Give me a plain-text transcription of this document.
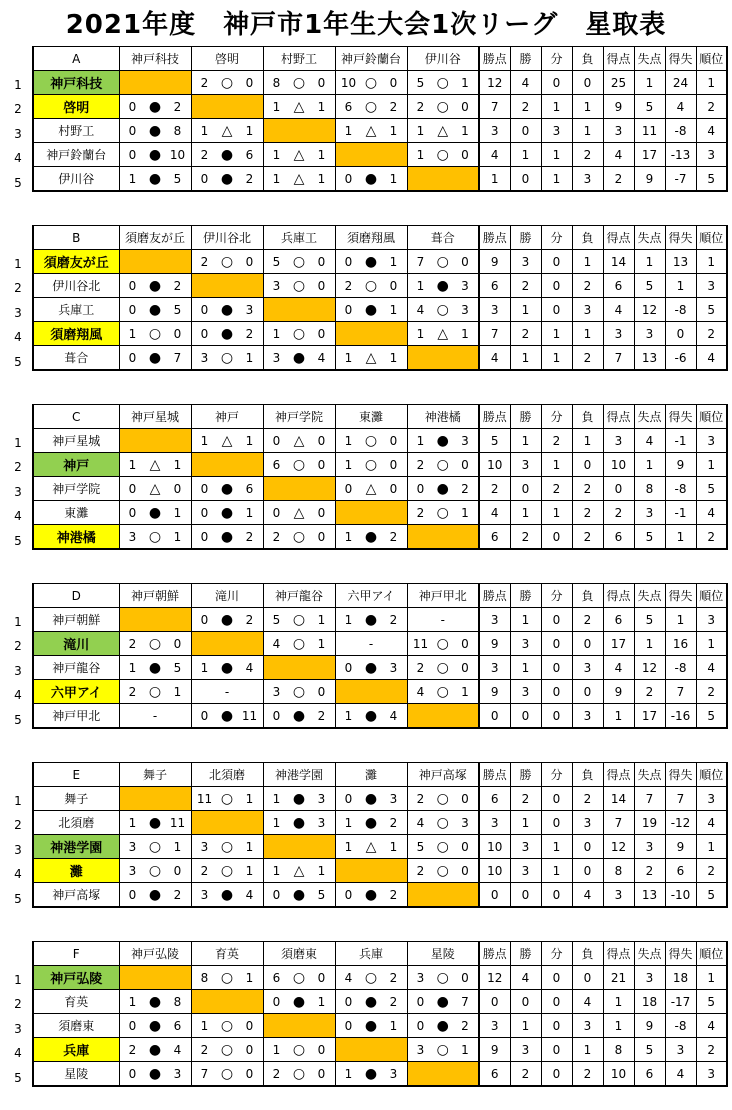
2021年度　神戸市1年生大会1次リーグ　星取表
A	神戸科技	啓明	村野工	神戸鈴蘭台	伊川谷	勝点	勝	分	負	得点	失点	得失	順位
神戸科技		2 ○ 0	8 ○ 0	10 ○ 0	5 ○ 1	12	4	0	0	25	1	24	1
啓明	0 ● 2		1 △ 1	6 ○ 2	2 ○ 0	7	2	1	1	9	5	4	2
村野工	0 ● 8	1 △ 1		1 △ 1	1 △ 1	3	0	3	1	3	11	-8	4
神戸鈴蘭台	0 ● 10	2 ● 6	1 △ 1		1 ○ 0	4	1	1	2	4	17	-13	3
伊川谷	1 ● 5	0 ● 2	1 △ 1	0 ● 1		1	0	1	3	2	9	-7	5
1
2
3
4
5
B	須磨友が丘	伊川谷北	兵庫工	須磨翔風	葺合	勝点	勝	分	負	得点	失点	得失	順位
須磨友が丘		2 ○ 0	5 ○ 0	0 ● 1	7 ○ 0	9	3	0	1	14	1	13	1
伊川谷北	0 ● 2		3 ○ 0	2 ○ 0	1 ● 3	6	2	0	2	6	5	1	3
兵庫工	0 ● 5	0 ● 3		0 ● 1	4 ○ 3	3	1	0	3	4	12	-8	5
須磨翔風	1 ○ 0	0 ● 2	1 ○ 0		1 △ 1	7	2	1	1	3	3	0	2
葺合	0 ● 7	3 ○ 1	3 ● 4	1 △ 1		4	1	1	2	7	13	-6	4
1
2
3
4
5
C	神戸星城	神戸	神戸学院	東灘	神港橘	勝点	勝	分	負	得点	失点	得失	順位
神戸星城		1 △ 1	0 △ 0	1 ○ 0	1 ● 3	5	1	2	1	3	4	-1	3
神戸	1 △ 1		6 ○ 0	1 ○ 0	2 ○ 0	10	3	1	0	10	1	9	1
神戸学院	0 △ 0	0 ● 6		0 △ 0	0 ● 2	2	0	2	2	0	8	-8	5
東灘	0 ● 1	0 ● 1	0 △ 0		2 ○ 1	4	1	1	2	2	3	-1	4
神港橘	3 ○ 1	0 ● 2	2 ○ 0	1 ● 2		6	2	0	2	6	5	1	2
1
2
3
4
5
D	神戸朝鮮	滝川	神戸龍谷	六甲アイ	神戸甲北	勝点	勝	分	負	得点	失点	得失	順位
神戸朝鮮		0 ● 2	5 ○ 1	1 ● 2	-	3	1	0	2	6	5	1	3
滝川	2 ○ 0		4 ○ 1	-	11 ○ 0	9	3	0	0	17	1	16	1
神戸龍谷	1 ● 5	1 ● 4		0 ● 3	2 ○ 0	3	1	0	3	4	12	-8	4
六甲アイ	2 ○ 1	-	3 ○ 0		4 ○ 1	9	3	0	0	9	2	7	2
神戸甲北	-	0 ● 11	0 ● 2	1 ● 4		0	0	0	3	1	17	-16	5
1
2
3
4
5
E	舞子	北須磨	神港学園	灘	神戸高塚	勝点	勝	分	負	得点	失点	得失	順位
舞子		11 ○ 1	1 ● 3	0 ● 3	2 ○ 0	6	2	0	2	14	7	7	3
北須磨	1 ● 11		1 ● 3	1 ● 2	4 ○ 3	3	1	0	3	7	19	-12	4
神港学園	3 ○ 1	3 ○ 1		1 △ 1	5 ○ 0	10	3	1	0	12	3	9	1
灘	3 ○ 0	2 ○ 1	1 △ 1		2 ○ 0	10	3	1	0	8	2	6	2
神戸高塚	0 ● 2	3 ● 4	0 ● 5	0 ● 2		0	0	0	4	3	13	-10	5
1
2
3
4
5
F	神戸弘陵	育英	須磨東	兵庫	星陵	勝点	勝	分	負	得点	失点	得失	順位
神戸弘陵		8 ○ 1	6 ○ 0	4 ○ 2	3 ○ 0	12	4	0	0	21	3	18	1
育英	1 ● 8		0 ● 1	0 ● 2	0 ● 7	0	0	0	4	1	18	-17	5
須磨東	0 ● 6	1 ○ 0		0 ● 1	0 ● 2	3	1	0	3	1	9	-8	4
兵庫	2 ● 4	2 ○ 0	1 ○ 0		3 ○ 1	9	3	0	1	8	5	3	2
星陵	0 ● 3	7 ○ 0	2 ○ 0	1 ● 3		6	2	0	2	10	6	4	3
1
2
3
4
5
